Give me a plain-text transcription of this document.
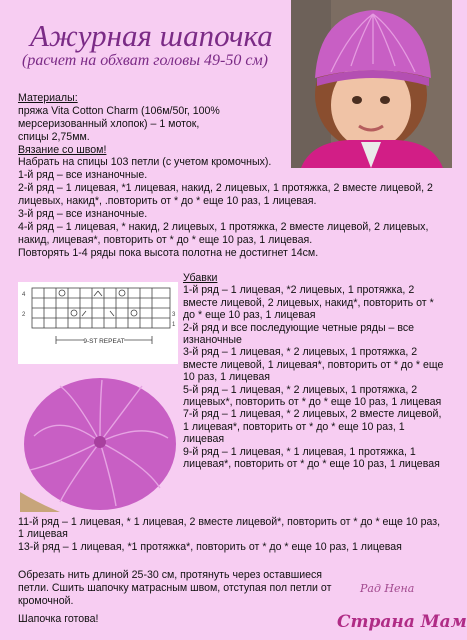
Ажурная шапочка
(расчет на обхват головы 49-50 см)
Материалы:
пряжа Vita Cotton Charm (106м/50г, 100% мерсеризованный хлопок) – 1 моток,
спицы 2,75мм.
Вязание со швом!

Набрать на спицы 103 петли (с учетом кромочных).

1-й ряд – все изнаночные.

2-й ряд – 1 лицевая, *1 лицевая, накид, 2 лицевых, 1 протяжка, 2 вместе лицевой, 2 лицевых, накид*, .повторить от * до * еще 10 раз, 1 лицевая.

3-й ряд – все изнаночные.

4-й ряд – 1 лицевая, * накид, 2 лицевых, 1 протяжка, 2 вместе лицевой, 2 лицевых, накид, лицевая*, повторить от * до * еще 10 раз, 1 лицевая.

Повторять 1-4 ряды пока высота полотна не достигнет 14см.

4
3
2
1
9-ST REPEAT

Убавки

1-й ряд – 1 лицевая, *2 лицевых, 1 протяжка, 2 вместе лицевой, 2 лицевых, накид*, повторить от * до * еще 10 раз, 1 лицевая

2-й ряд и все последующие четные ряды – все изнаночные

3-й ряд – 1 лицевая, * 2 лицевых, 1 протяжка, 2 вместе лицевой, 1 лицевая*, повторить от * до * еще 10 раз, 1 лицевая

5-й ряд – 1 лицевая, * 2 лицевых, 1 протяжка, 2 лицевых*, повторить от * до * еще 10 раз, 1 лицевая

7-й ряд – 1 лицевая, * 2 лицевых, 2 вместе лицевой, 1 лицевая*, повторить от * до * еще 10 раз, 1 лицевая

9-й ряд – 1 лицевая, * 1 лицевая, 1 протяжка, 1 лицевая*, повторить от * до * еще 10 раз, 1 лицевая

11-й ряд – 1 лицевая, * 1 лицевая, 2 вместе лицевой*, повторить от * до * еще 10 раз, 1 лицевая

13-й ряд – 1 лицевая, *1 протяжка*, повторить от * до * еще 10 раз, 1 лицевая

Обрезать нить длиной 25-30 см, протянуть через оставшиеся петли. Сшить шапочку матрасным швом, отступая пол петли от кромочной.
Шапочка готова!
Рад Нена
Страна Мам
